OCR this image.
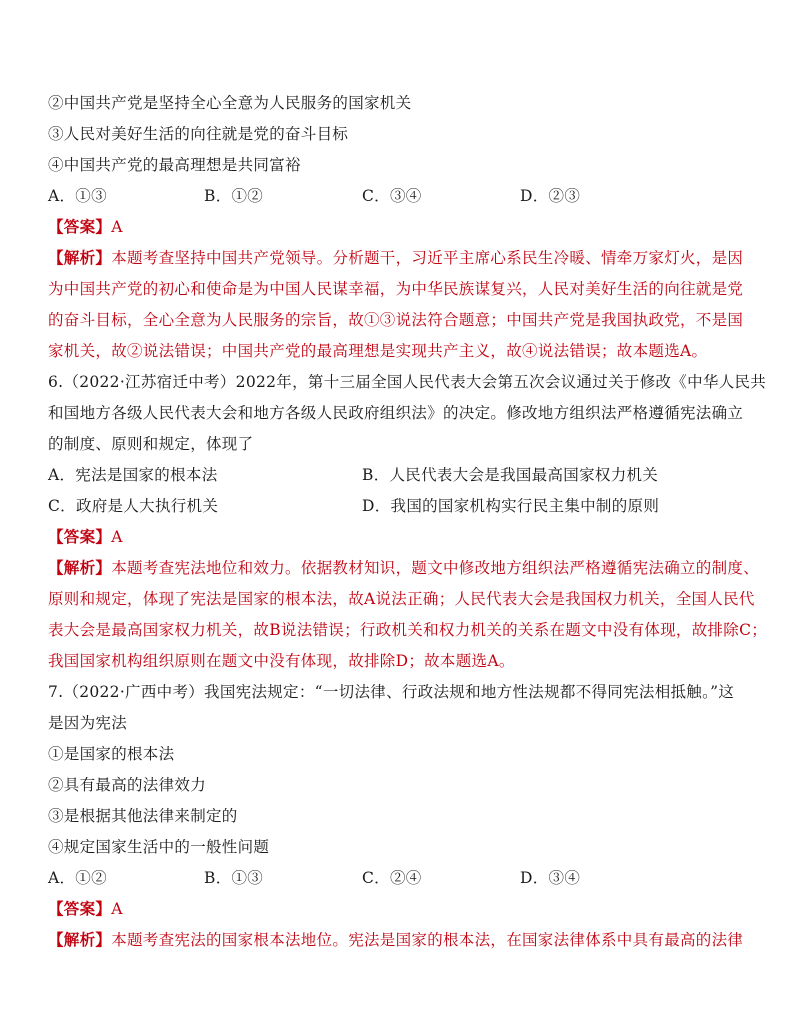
②中国共产党是坚持全心全意为人民服务的国家机关
③人民对美好生活的向往就是党的奋斗目标
④中国共产党的最高理想是共同富裕
A．①③	B．①②	C．③④	D．②③
【答案】A
【解析】本题考查坚持中国共产党领导。分析题干，习近平主席心系民生冷暖、情牵万家灯火，是因
为中国共产党的初心和使命是为中国人民谋幸福，为中华民族谋复兴，人民对美好生活的向往就是党
的奋斗目标，全心全意为人民服务的宗旨，故①③说法符合题意；中国共产党是我国执政党，不是国
家机关，故②说法错误；中国共产党的最高理想是实现共产主义，故④说法错误；故本题选A。
6.（2022·江苏宿迁中考）2022年，第十三届全国人民代表大会第五次会议通过关于修改《中华人民共
和国地方各级人民代表大会和地方各级人民政府组织法》的决定。修改地方组织法严格遵循宪法确立
的制度、原则和规定，体现了
A．宪法是国家的根本法	B．人民代表大会是我国最高国家权力机关
C．政府是人大执行机关	D．我国的国家机构实行民主集中制的原则
【答案】A
【解析】本题考查宪法地位和效力。依据教材知识，题文中修改地方组织法严格遵循宪法确立的制度、
原则和规定，体现了宪法是国家的根本法，故A说法正确；人民代表大会是我国权力机关，全国人民代
表大会是最高国家权力机关，故B说法错误；行政机关和权力机关的关系在题文中没有体现，故排除C；
我国国家机构组织原则在题文中没有体现，故排除D；故本题选A。
7.（2022·广西中考）我国宪法规定：“一切法律、行政法规和地方性法规都不得同宪法相抵触。”这
是因为宪法
①是国家的根本法
②具有最高的法律效力
③是根据其他法律来制定的
④规定国家生活中的一般性问题
A．①②	B．①③	C．②④	D．③④
【答案】A
【解析】本题考查宪法的国家根本法地位。宪法是国家的根本法，在国家法律体系中具有最高的法律
